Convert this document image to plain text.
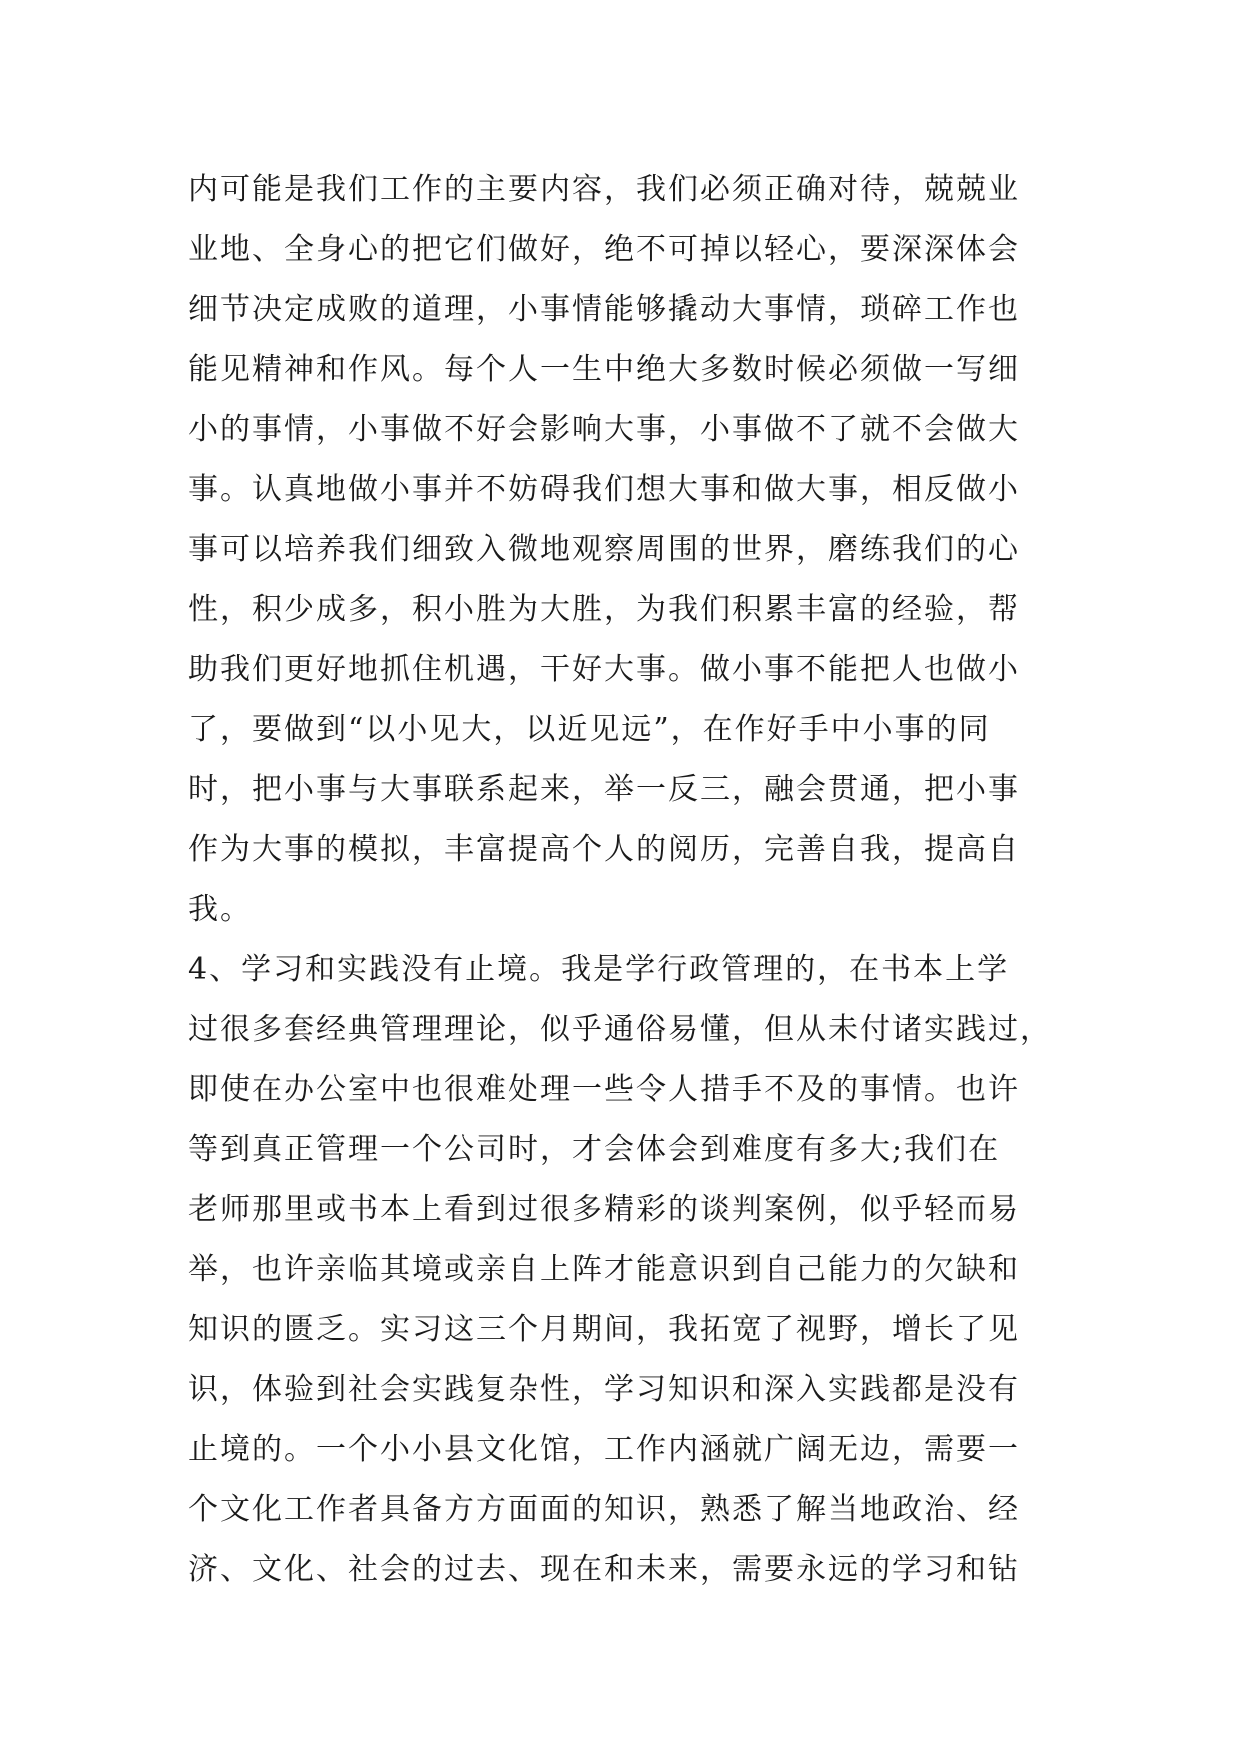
内可能是我们工作的主要内容，我们必须正确对待，兢兢业
业地、全身心的把它们做好，绝不可掉以轻心，要深深体会
细节决定成败的道理，小事情能够撬动大事情，琐碎工作也
能见精神和作风。每个人一生中绝大多数时候必须做一写细
小的事情，小事做不好会影响大事，小事做不了就不会做大
事。认真地做小事并不妨碍我们想大事和做大事，相反做小
事可以培养我们细致入微地观察周围的世界，磨练我们的心
性，积少成多，积小胜为大胜，为我们积累丰富的经验，帮
助我们更好地抓住机遇，干好大事。做小事不能把人也做小
了，要做到“以小见大，以近见远”，在作好手中小事的同
时，把小事与大事联系起来，举一反三，融会贯通，把小事
作为大事的模拟，丰富提高个人的阅历，完善自我，提高自
我。
4、学习和实践没有止境。我是学行政管理的，在书本上学
过很多套经典管理理论，似乎通俗易懂，但从未付诸实践过，
即使在办公室中也很难处理一些令人措手不及的事情。也许
等到真正管理一个公司时，才会体会到难度有多大;我们在
老师那里或书本上看到过很多精彩的谈判案例，似乎轻而易
举，也许亲临其境或亲自上阵才能意识到自己能力的欠缺和
知识的匮乏。实习这三个月期间，我拓宽了视野，增长了见
识，体验到社会实践复杂性，学习知识和深入实践都是没有
止境的。一个小小县文化馆，工作内涵就广阔无边，需要一
个文化工作者具备方方面面的知识，熟悉了解当地政治、经
济、文化、社会的过去、现在和未来，需要永远的学习和钻
